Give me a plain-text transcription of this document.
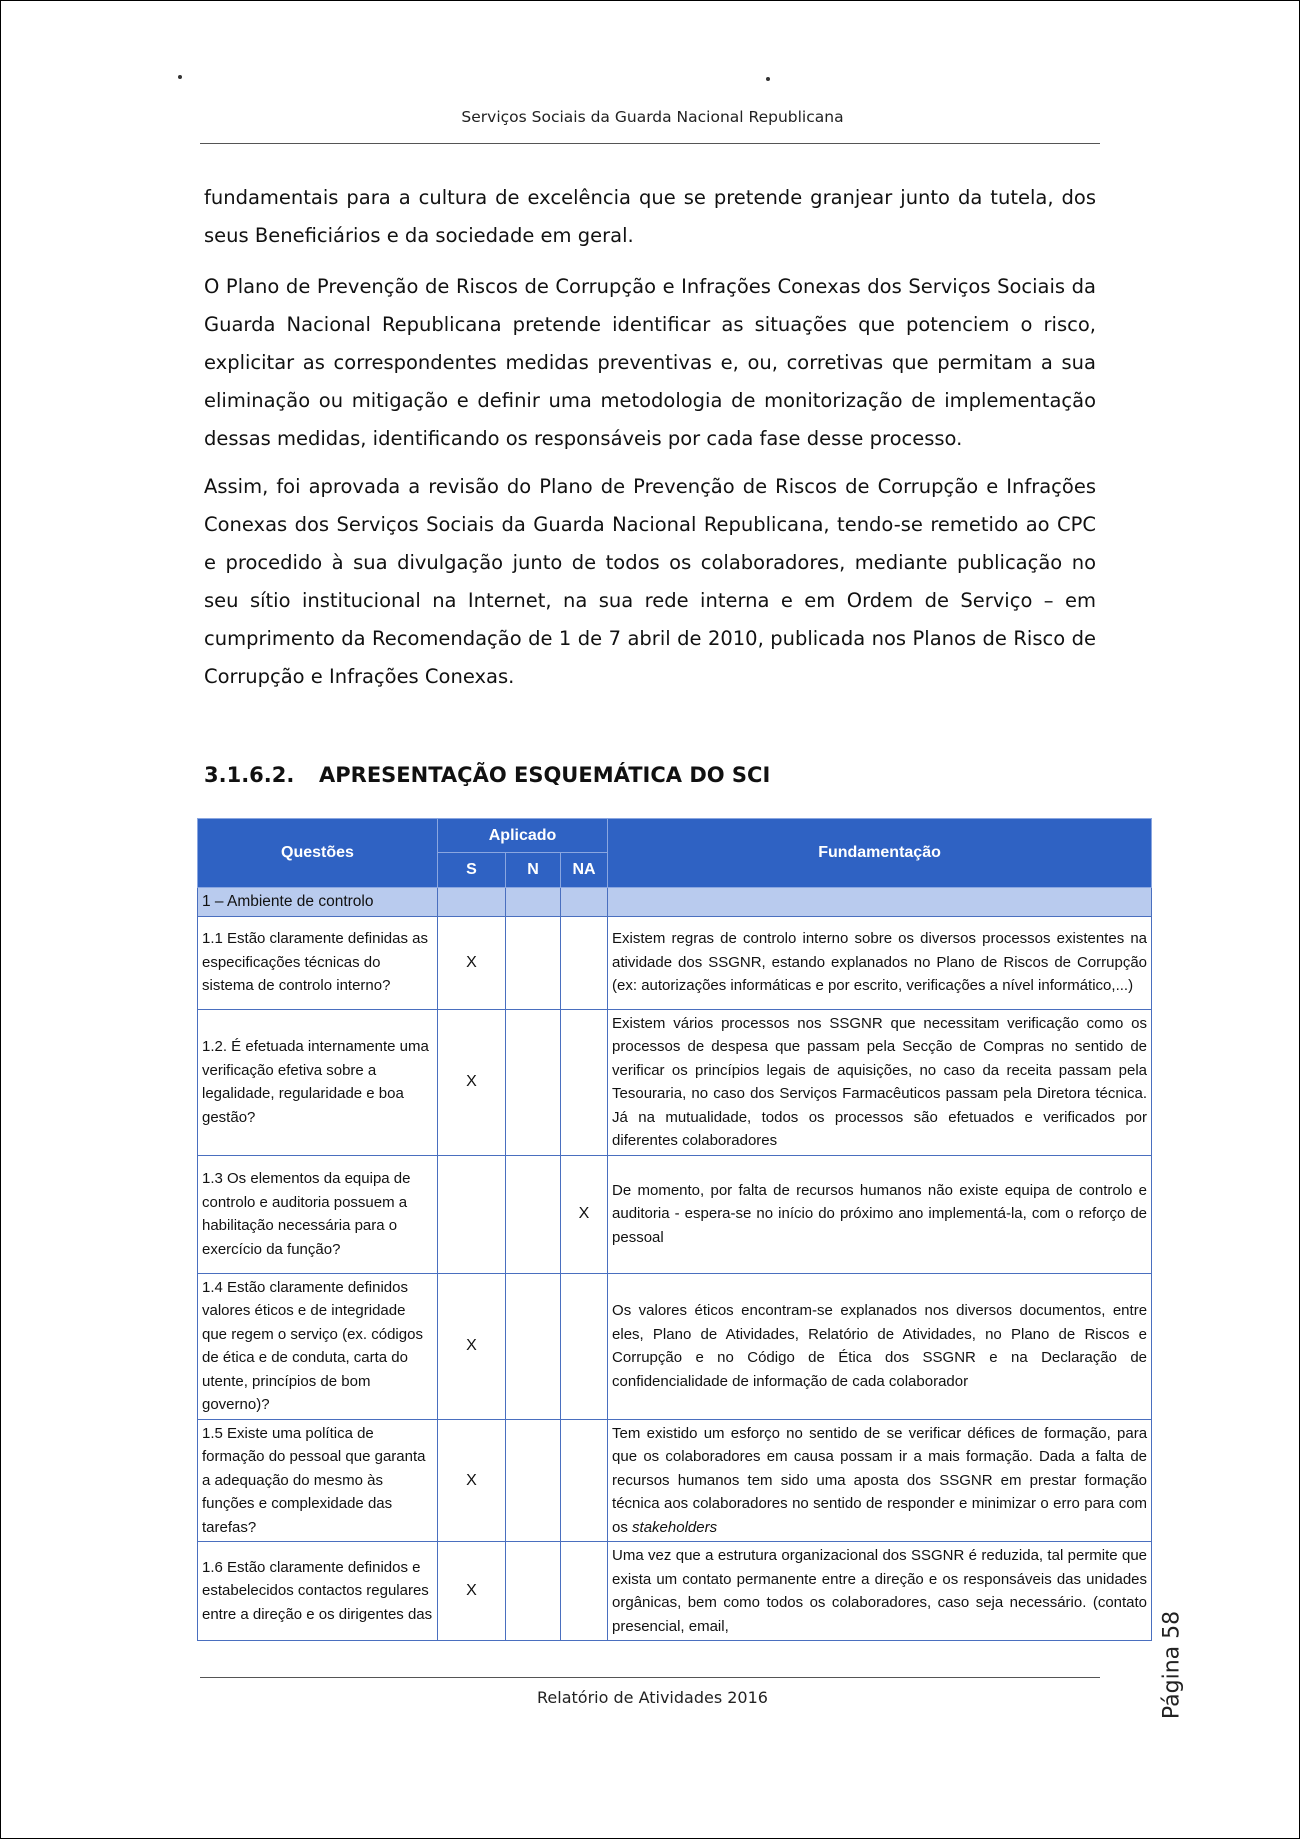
Serviços Sociais da Guarda Nacional Republicana

fundamentais para a cultura de excelência que se pretende granjear junto da tutela, dos seus Beneficiários e da sociedade em geral.

O Plano de Prevenção de Riscos de Corrupção e Infrações Conexas dos Serviços Sociais da Guarda Nacional Republicana pretende identificar as situações que potenciem o risco, explicitar as correspondentes medidas preventivas e, ou, corretivas que permitam a sua eliminação ou mitigação e definir uma metodologia de monitorização de implementação dessas medidas, identificando os responsáveis por cada fase desse processo.

Assim, foi aprovada a revisão do Plano de Prevenção de Riscos de Corrupção e Infrações Conexas dos Serviços Sociais da Guarda Nacional Republicana, tendo-se remetido ao CPC e procedido à sua divulgação junto de todos os colaboradores, mediante publicação no seu sítio institucional na Internet, na sua rede interna e em Ordem de Serviço – em cumprimento da Recomendação de 1 de 7 abril de 2010, publicada nos Planos de Risco de Corrupção e Infrações Conexas.

3.1.6.2. APRESENTAÇÃO ESQUEMÁTICA DO SCI
Questões	Aplicado			Fundamentação
	S	N	NA	
1 – Ambiente de controlo				
1.1 Estão claramente definidas as especificações técnicas do sistema de controlo interno?	X			Existem regras de controlo interno sobre os diversos processos existentes na atividade dos SSGNR, estando explanados no Plano de Riscos de Corrupção (ex: autorizações informáticas e por escrito, verificações a nível informático,...)
1.2. É efetuada internamente uma verificação efetiva sobre a legalidade, regularidade e boa gestão?	X			Existem vários processos nos SSGNR que necessitam verificação como os processos de despesa que passam pela Secção de Compras no sentido de verificar os princípios legais de aquisições, no caso da receita passam pela Tesouraria, no caso dos Serviços Farmacêuticos passam pela Diretora técnica. Já na mutualidade, todos os processos são efetuados e verificados por diferentes colaboradores
1.3 Os elementos da equipa de controlo e auditoria possuem a habilitação necessária para o exercício da função?			X	De momento, por falta de recursos humanos não existe equipa de controlo e auditoria - espera-se no início do próximo ano implementá-la, com o reforço de pessoal
1.4 Estão claramente definidos valores éticos e de integridade que regem o serviço (ex. códigos de ética e de conduta, carta do utente, princípios de bom governo)?	X			Os valores éticos encontram-se explanados nos diversos documentos, entre eles, Plano de Atividades, Relatório de Atividades, no Plano de Riscos e Corrupção e no Código de Ética dos SSGNR e na Declaração de confidencialidade de informação de cada colaborador
1.5 Existe uma política de formação do pessoal que garanta a adequação do mesmo às funções e complexidade das tarefas?	X			Tem existido um esforço no sentido de se verificar défices de formação, para que os colaboradores em causa possam ir a mais formação. Dada a falta de recursos humanos tem sido uma aposta dos SSGNR em prestar formação técnica aos colaboradores no sentido de responder e minimizar o erro para com os stakeholders
1.6 Estão claramente definidos e estabelecidos contactos regulares entre a direção e os dirigentes das	X			Uma vez que a estrutura organizacional dos SSGNR é reduzida, tal permite que exista um contato permanente entre a direção e os responsáveis das unidades orgânicas, bem como todos os colaboradores, caso seja necessário. (contato presencial, email,	Página 58
Relatório de Atividades 2016
